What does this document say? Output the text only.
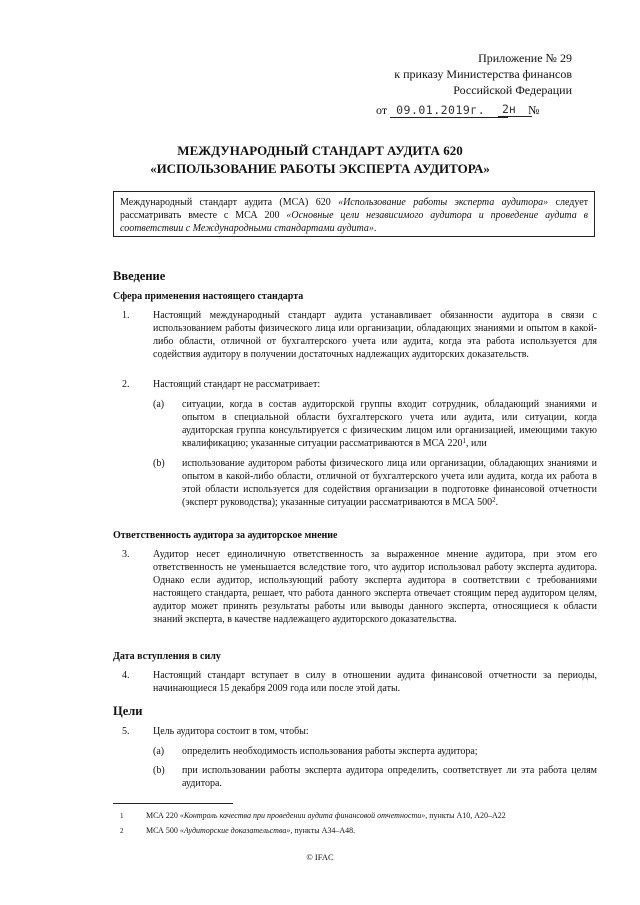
Приложение № 29
к приказу Министерства финансов
Российской Федерации
от 09.01.2019г.	№
2н
МЕЖДУНАРОДНЫЙ СТАНДАРТ АУДИТА 620
«ИСПОЛЬЗОВАНИЕ РАБОТЫ ЭКСПЕРТА АУДИТОРА»
Международный стандарт аудита (МСА) 620 «Использование работы эксперта аудитора» следует рассматривать вместе с МСА 200 «Основные цели независимого аудитора и проведение аудита в соответствии с Международными стандартами аудита».
Введение
Сфера применения настоящего стандарта
1. Настоящий международный стандарт аудита устанавливает обязанности аудитора в связи с использованием работы физического лица или организации, обладающих знаниями и опытом в какой-либо области, отличной от бухгалтерского учета или аудита, когда эта работа используется для содействия аудитору в получении достаточных надлежащих аудиторских доказательств.
2. Настоящий стандарт не рассматривает:
(а) ситуации, когда в состав аудиторской группы входит сотрудник, обладающий знаниями и опытом в специальной области бухгалтерского учета или аудита, или ситуации, когда аудиторская группа консультируется с физическим лицом или организацией, имеющими такую квалификацию; указанные ситуации рассматриваются в МСА $220^1$, или
(b) использование аудитором работы физического лица или организации, обладающих знаниями и опытом в какой-либо области, отличной от бухгалтерского учета или аудита, когда их работа в этой области используется для содействия организации в подготовке финансовой отчетности (эксперт руководства); указанные ситуации рассматриваются в МСА $500^2$.
Ответственность аудитора за аудиторское мнение
3. Аудитор несет единоличную ответственность за выраженное мнение аудитора, при этом его ответственность не уменьшается вследствие того, что аудитор использовал работу эксперта аудитора. Однако если аудитор, использующий работу эксперта аудитора в соответствии с требованиями настоящего стандарта, решает, что работа данного эксперта отвечает стоящим перед аудитором целям, аудитор может принять результаты работы или выводы данного эксперта, относящиеся к области знаний эксперта, в качестве надлежащего аудиторского доказательства.
Дата вступления в силу
4. Настоящий стандарт вступает в силу в отношении аудита финансовой отчетности за периоды, начинающиеся 15 декабря 2009 года или после этой даты.
Цели
5. Цель аудитора состоит в том, чтобы:
(а) определить необходимость использования работы эксперта аудитора;
(b) при использовании работы эксперта аудитора определить, соответствует ли эта работа целям аудитора.
1	МСА 220 «Контроль качества при проведении аудита финансовой отчетности», пункты А10, А20–А22
2	МСА 500 «Аудиторские доказательства», пункты А34–А48.
© IFAC
